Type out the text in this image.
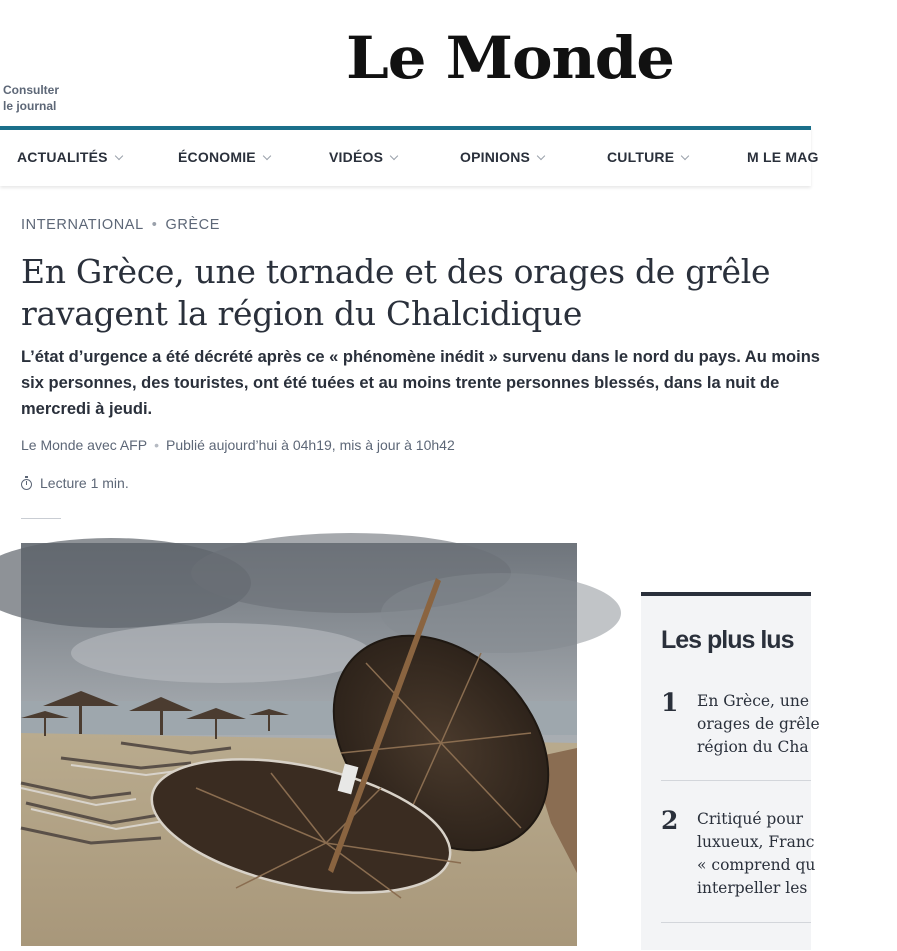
Consulter
le journal
Le Monde
ACTUALITÉS	ÉCONOMIE	VIDÉOS	OPINIONS	CULTURE	M LE MAG
INTERNATIONAL • GRÈCE
En Grèce, une tornade et des orages de grêle ravagent la région du Chalcidique

L’état d’urgence a été décrété après ce « phénomène inédit » survenu dans le nord du pays. Au moins six personnes, des touristes, ont été tuées et au moins trente personnes blessés, dans la nuit de mercredi à jeudi.

Le Monde avec AFP • Publié aujourd’hui à 04h19, mis à jour à 10h42
Lecture 1 min.
Les plus lus
1 En Grèce, une
orages de grêle
région du Cha
2 Critiqué pour
luxueux, Franc
« comprend qu
interpeller les
